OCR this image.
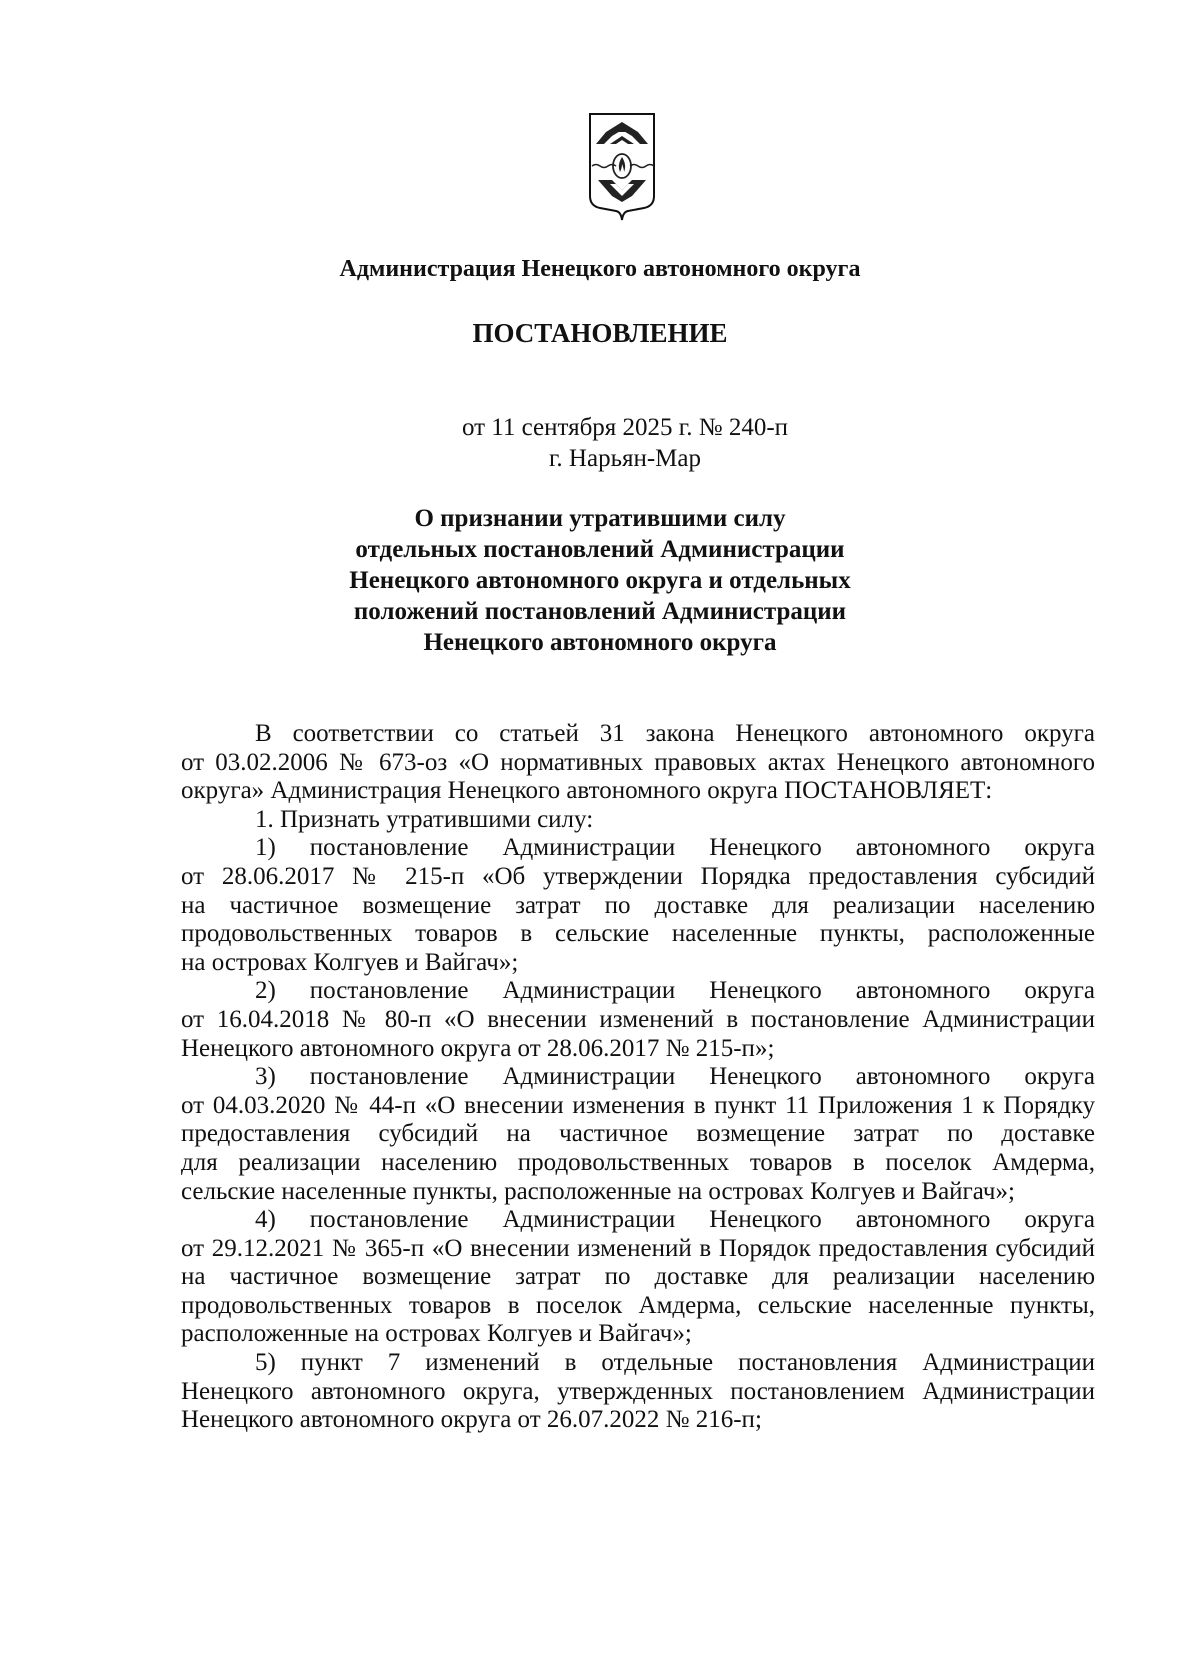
Администрация Ненецкого автономного округа
ПОСТАНОВЛЕНИЕ
от 11 сентября 2025 г. № 240-п
г. Нарьян-Мар
О признании утратившими силу
отдельных постановлений Администрации
Ненецкого автономного округа и отдельных
положений постановлений Администрации
Ненецкого автономного округа
В соответствии со статьей 31 закона Ненецкого автономного округа
от 03.02.2006 № 673-оз «О нормативных правовых актах Ненецкого автономного
округа» Администрация Ненецкого автономного округа ПОСТАНОВЛЯЕТ:
1. Признать утратившими силу:
1) постановление Администрации Ненецкого автономного округа
от 28.06.2017 № 215-п «Об утверждении Порядка предоставления субсидий
на частичное возмещение затрат по доставке для реализации населению
продовольственных товаров в сельские населенные пункты, расположенные
на островах Колгуев и Вайгач»;
2) постановление Администрации Ненецкого автономного округа
от 16.04.2018 № 80-п «О внесении изменений в постановление Администрации
Ненецкого автономного округа от 28.06.2017 № 215-п»;
3) постановление Администрации Ненецкого автономного округа
от 04.03.2020 № 44-п «О внесении изменения в пункт 11 Приложения 1 к Порядку
предоставления субсидий на частичное возмещение затрат по доставке
для реализации населению продовольственных товаров в поселок Амдерма,
сельские населенные пункты, расположенные на островах Колгуев и Вайгач»;
4) постановление Администрации Ненецкого автономного округа
от 29.12.2021 № 365-п «О внесении изменений в Порядок предоставления субсидий
на частичное возмещение затрат по доставке для реализации населению
продовольственных товаров в поселок Амдерма, сельские населенные пункты,
расположенные на островах Колгуев и Вайгач»;
5) пункт 7 изменений в отдельные постановления Администрации
Ненецкого автономного округа, утвержденных постановлением Администрации
Ненецкого автономного округа от 26.07.2022 № 216-п;
